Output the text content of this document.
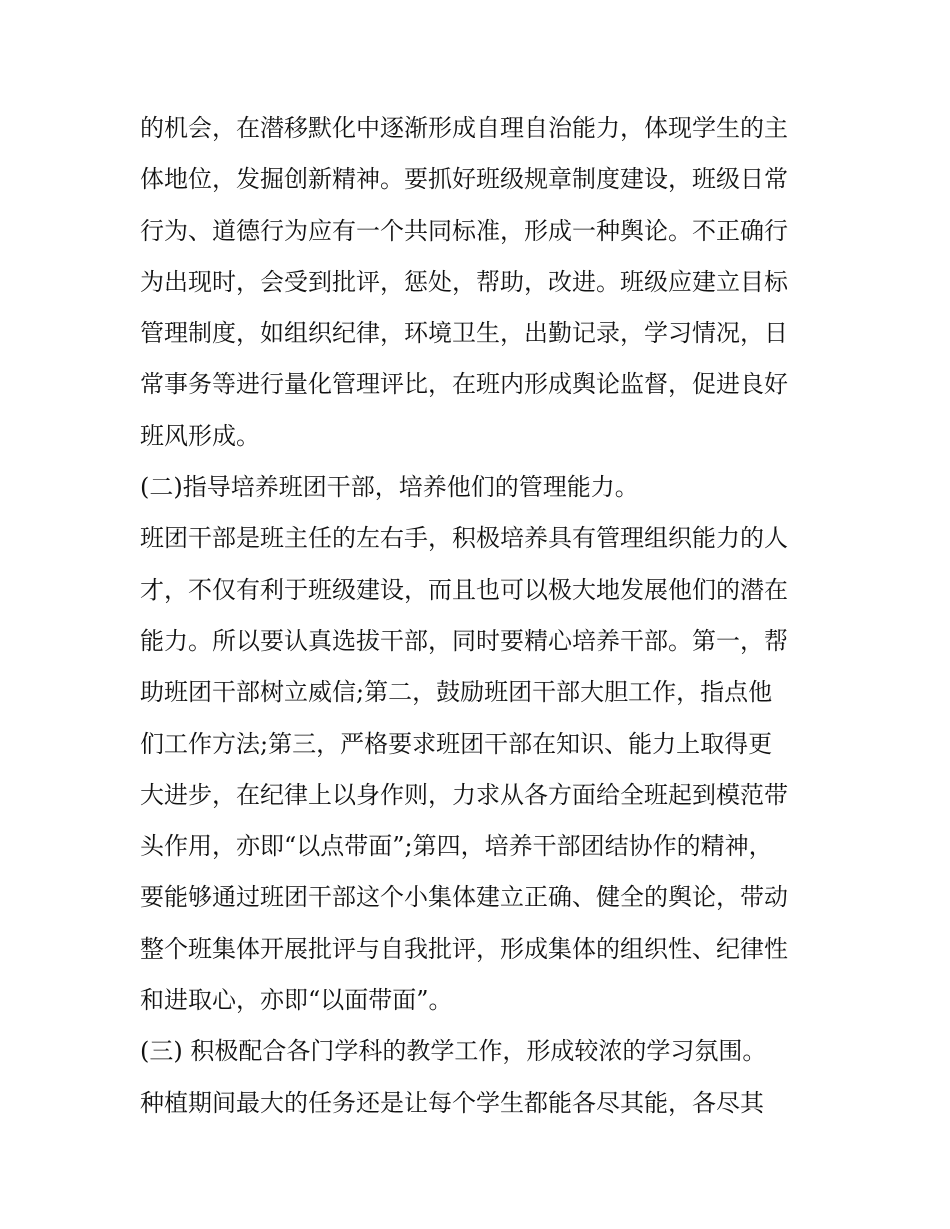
的机会，在潜移默化中逐渐形成自理自治能力，体现学生的主
体地位，发掘创新精神。要抓好班级规章制度建设，班级日常
行为、道德行为应有一个共同标准，形成一种舆论。不正确行
为出现时，会受到批评，惩处，帮助，改进。班级应建立目标
管理制度，如组织纪律，环境卫生，出勤记录，学习情况，日
常事务等进行量化管理评比，在班内形成舆论监督，促进良好
班风形成。
(二)指导培养班团干部，培养他们的管理能力。
班团干部是班主任的左右手，积极培养具有管理组织能力的人
才，不仅有利于班级建设，而且也可以极大地发展他们的潜在
能力。所以要认真选拔干部，同时要精心培养干部。第一，帮
助班团干部树立威信;第二，鼓励班团干部大胆工作，指点他
们工作方法;第三，严格要求班团干部在知识、能力上取得更
大进步，在纪律上以身作则，力求从各方面给全班起到模范带
头作用，亦即“以点带面”;第四，培养干部团结协作的精神，
要能够通过班团干部这个小集体建立正确、健全的舆论，带动
整个班集体开展批评与自我批评，形成集体的组织性、纪律性
和进取心，亦即“以面带面”。
(三) 积极配合各门学科的教学工作，形成较浓的学习氛围。
种植期间最大的任务还是让每个学生都能各尽其能，各尽其
